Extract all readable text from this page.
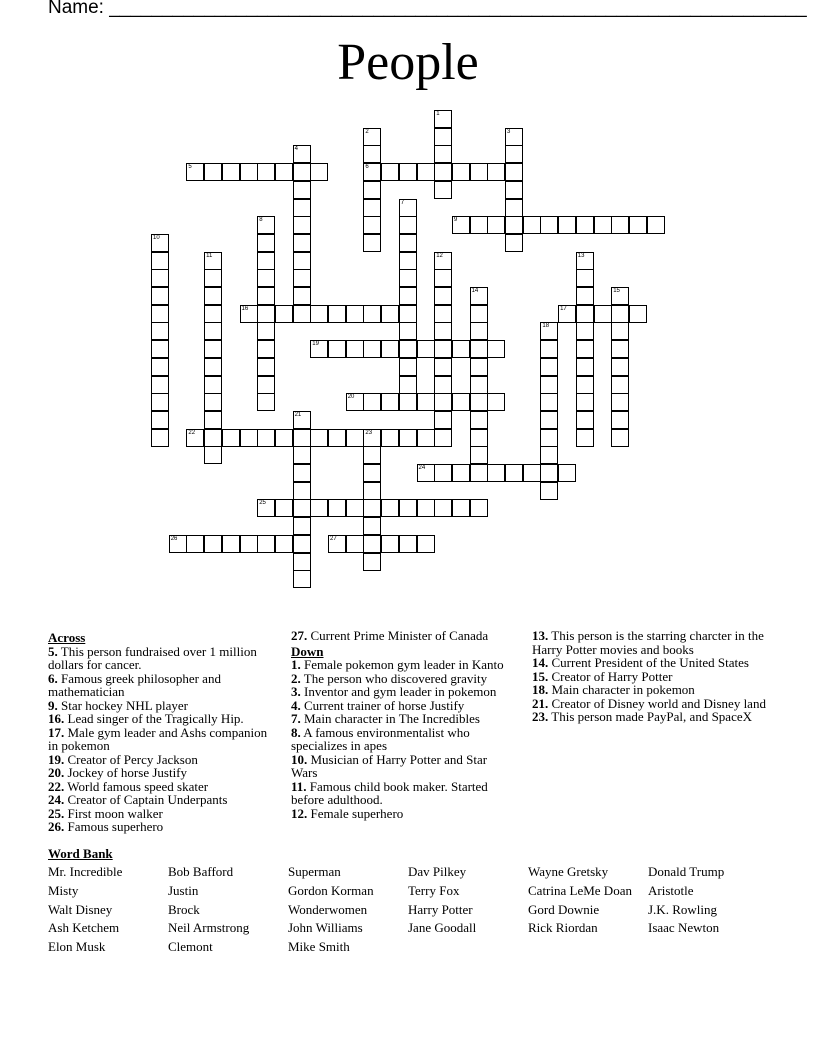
Name: __________________________________________________________________
People
1
2
6
3
4
5
7
8	9
10
11	12	13
14	15
16	17
18
19
20
21
22	23
24
25
26	27
Across
5. This person fundraised over 1 million dollars for cancer.
6. Famous greek philosopher and mathematician
9. Star hockey NHL player
16. Lead singer of the Tragically Hip.
17. Male gym leader and Ashs companion in pokemon
19. Creator of Percy Jackson
20. Jockey of horse Justify
22. World famous speed skater
24. Creator of Captain Underpants
25. First moon walker
26. Famous superhero
27. Current Prime Minister of Canada
Down
1. Female pokemon gym leader in Kanto
2. The person who discovered gravity
3. Inventor and gym leader in pokemon
4. Current trainer of horse Justify
7. Main character in The Incredibles
8. A famous environmentalist who specializes in apes
10. Musician of Harry Potter and Star Wars
11. Famous child book maker. Started before adulthood.
12. Female superhero
13. This person is the starring charcter in the Harry Potter movies and books
14. Current President of the United States
15. Creator of Harry Potter
18. Main character in pokemon
21. Creator of Disney world and Disney land
23. This person made PayPal, and SpaceX
Word Bank
Mr. Incredible
Misty
Walt Disney
Ash Ketchem
Elon Musk
Bob Bafford
Justin
Brock
Neil Armstrong
Clemont
Superman
Gordon Korman
Wonderwomen
John Williams
Mike Smith
Dav Pilkey
Terry Fox
Harry Potter
Jane Goodall
Wayne Gretsky
Catrina LeMe Doan
Gord Downie
Rick Riordan
Donald Trump
Aristotle
J.K. Rowling
Isaac Newton
